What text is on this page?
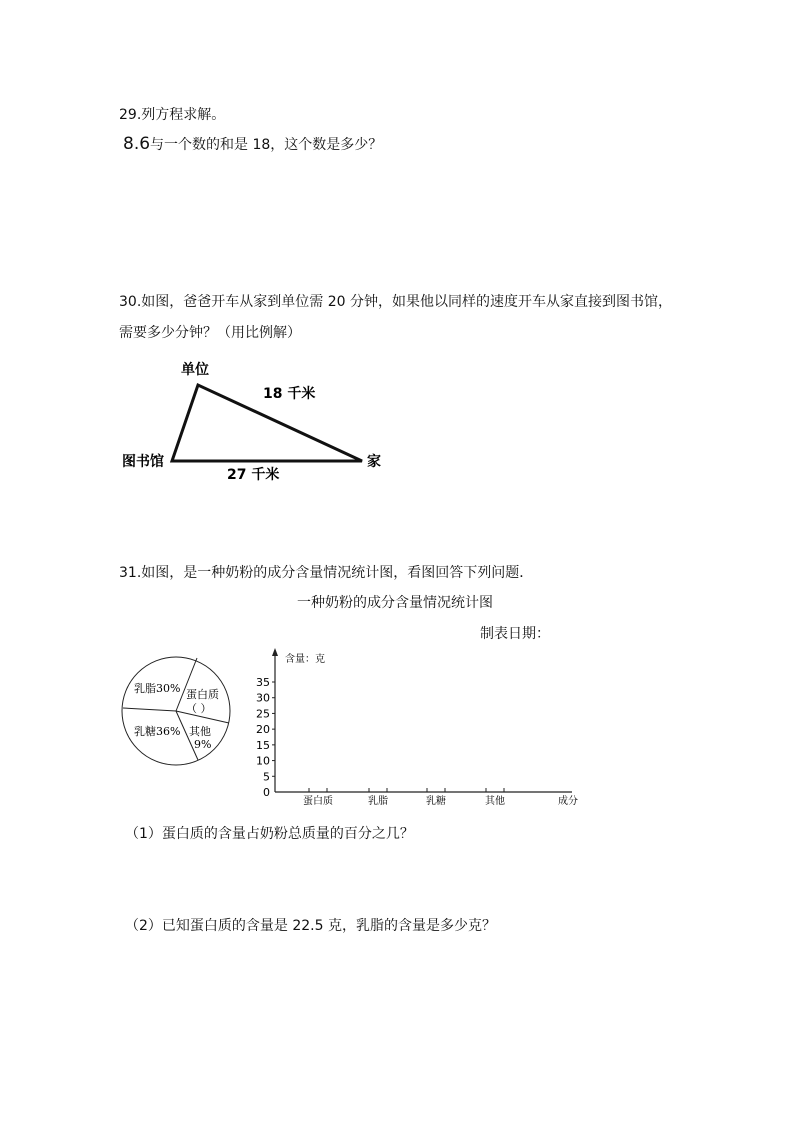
29.列方程求解。
8.6与一个数的和是 18，这个数是多少？
30.如图，爸爸开车从家到单位需 20 分钟，如果他以同样的速度开车从家直接到图书馆，
需要多少分钟？（用比例解）
单位
图书馆	家
18 千米
27 千米
31.如图，是一种奶粉的成分含量情况统计图，看图回答下列问题．
一种奶粉的成分含量情况统计图
制表日期：
乳脂30% 蛋白质
（ ）
其他
9%
乳糖36%
含量：克
成分
0
5
10
15
20
25
30
35
蛋白质	乳脂	乳糖	其他
（1）蛋白质的含量占奶粉总质量的百分之几？
（2）已知蛋白质的含量是 22.5 克，乳脂的含量是多少克？
